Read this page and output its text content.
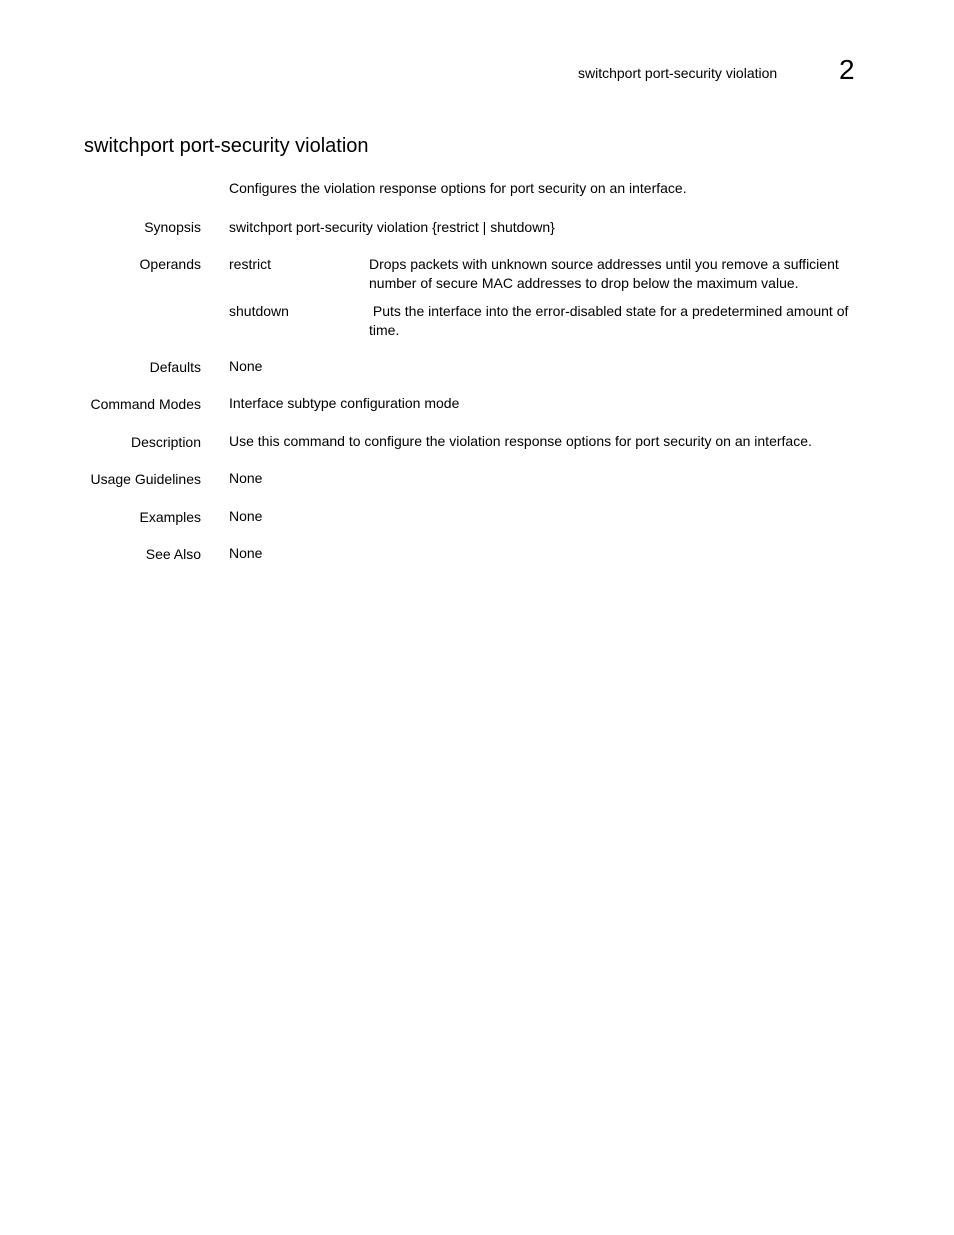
switchport port-security violation 2
switchport port-security violation
Configures the violation response options for port security on an interface.
Synopsis switchport port-security violation {restrict | shutdown}
Operands restrict	Drops packets with unknown source addresses until you remove a sufficient number of secure MAC addresses to drop below the maximum value.
shutdown	Puts the interface into the error-disabled state for a predetermined amount of time.
Defaults None
Command Modes Interface subtype configuration mode
Description Use this command to configure the violation response options for port security on an interface.
Usage Guidelines None
Examples None
See Also None
